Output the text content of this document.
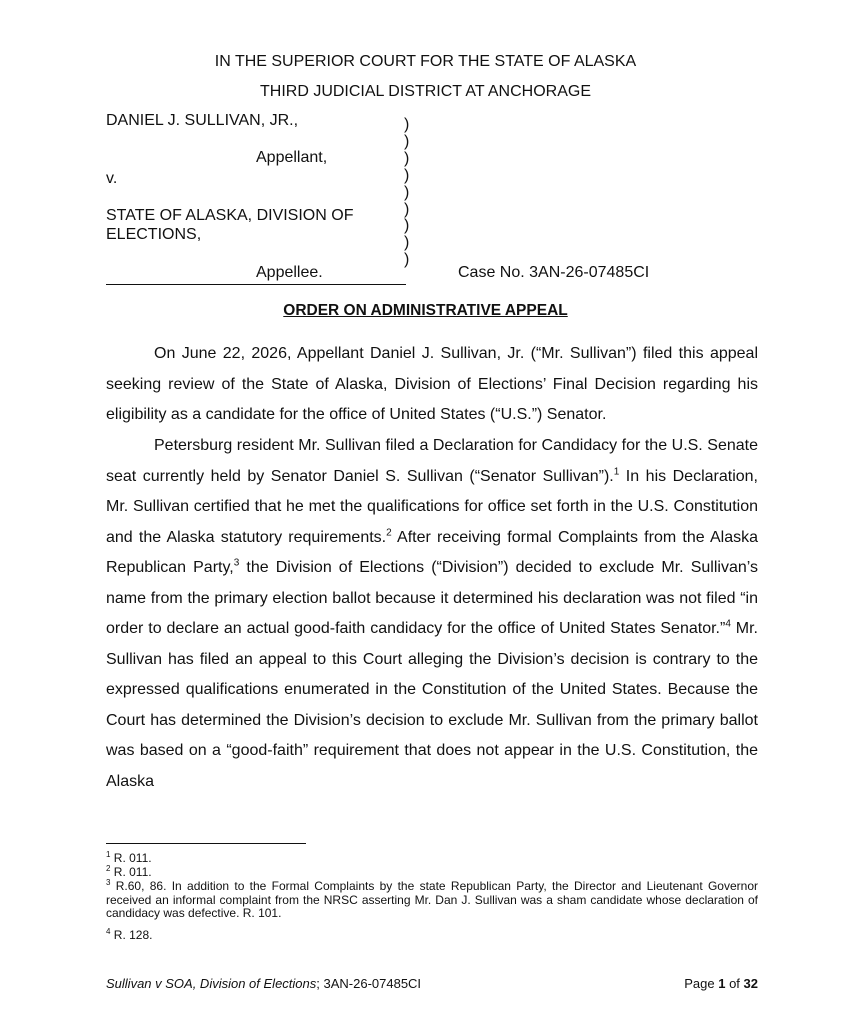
IN THE SUPERIOR COURT FOR THE STATE OF ALASKA
THIRD JUDICIAL DISTRICT AT ANCHORAGE
DANIEL J. SULLIVAN, JR.,
Appellant,
v.
STATE OF ALASKA, DIVISION OF
ELECTIONS,
Appellee.
)
)
)
)
)
)
)
)
)
Case No. 3AN-26-07485CI
ORDER ON ADMINISTRATIVE APPEAL

On June 22, 2026, Appellant Daniel J. Sullivan, Jr. (“Mr. Sullivan”) filed this appeal seeking review of the State of Alaska, Division of Elections’ Final Decision regarding his eligibility as a candidate for the office of United States (“U.S.”) Senator.

Petersburg resident Mr. Sullivan filed a Declaration for Candidacy for the U.S. Senate seat currently held by Senator Daniel S. Sullivan (“Senator Sullivan”).$^1$ In his Declaration, Mr. Sullivan certified that he met the qualifications for office set forth in the U.S. Constitution and the Alaska statutory requirements.$^2$ After receiving formal Complaints from the Alaska Republican Party,$^3$ the Division of Elections (“Division”) decided to exclude Mr. Sullivan’s name from the primary election ballot because it determined his declaration was not filed “in order to declare an actual good-faith candidacy for the office of United States Senator.”$^4$ Mr. Sullivan has filed an appeal to this Court alleging the Division’s decision is contrary to the expressed qualifications enumerated in the Constitution of the United States. Because the Court has determined the Division’s decision to exclude Mr. Sullivan from the primary ballot was based on a “good-faith” requirement that does not appear in the U.S. Constitution, the Alaska

$^1$ R. 011.
$^2$ R. 011.
$^3$ R.60, 86. In addition to the Formal Complaints by the state Republican Party, the Director and Lieutenant Governor received an informal complaint from the NRSC asserting Mr. Dan J. Sullivan was a sham candidate whose declaration of candidacy was defective. R. 101.
$^4$ R. 128.
Sullivan v SOA, Division of Elections; 3AN-26-07485CI	Page 1 of 32
